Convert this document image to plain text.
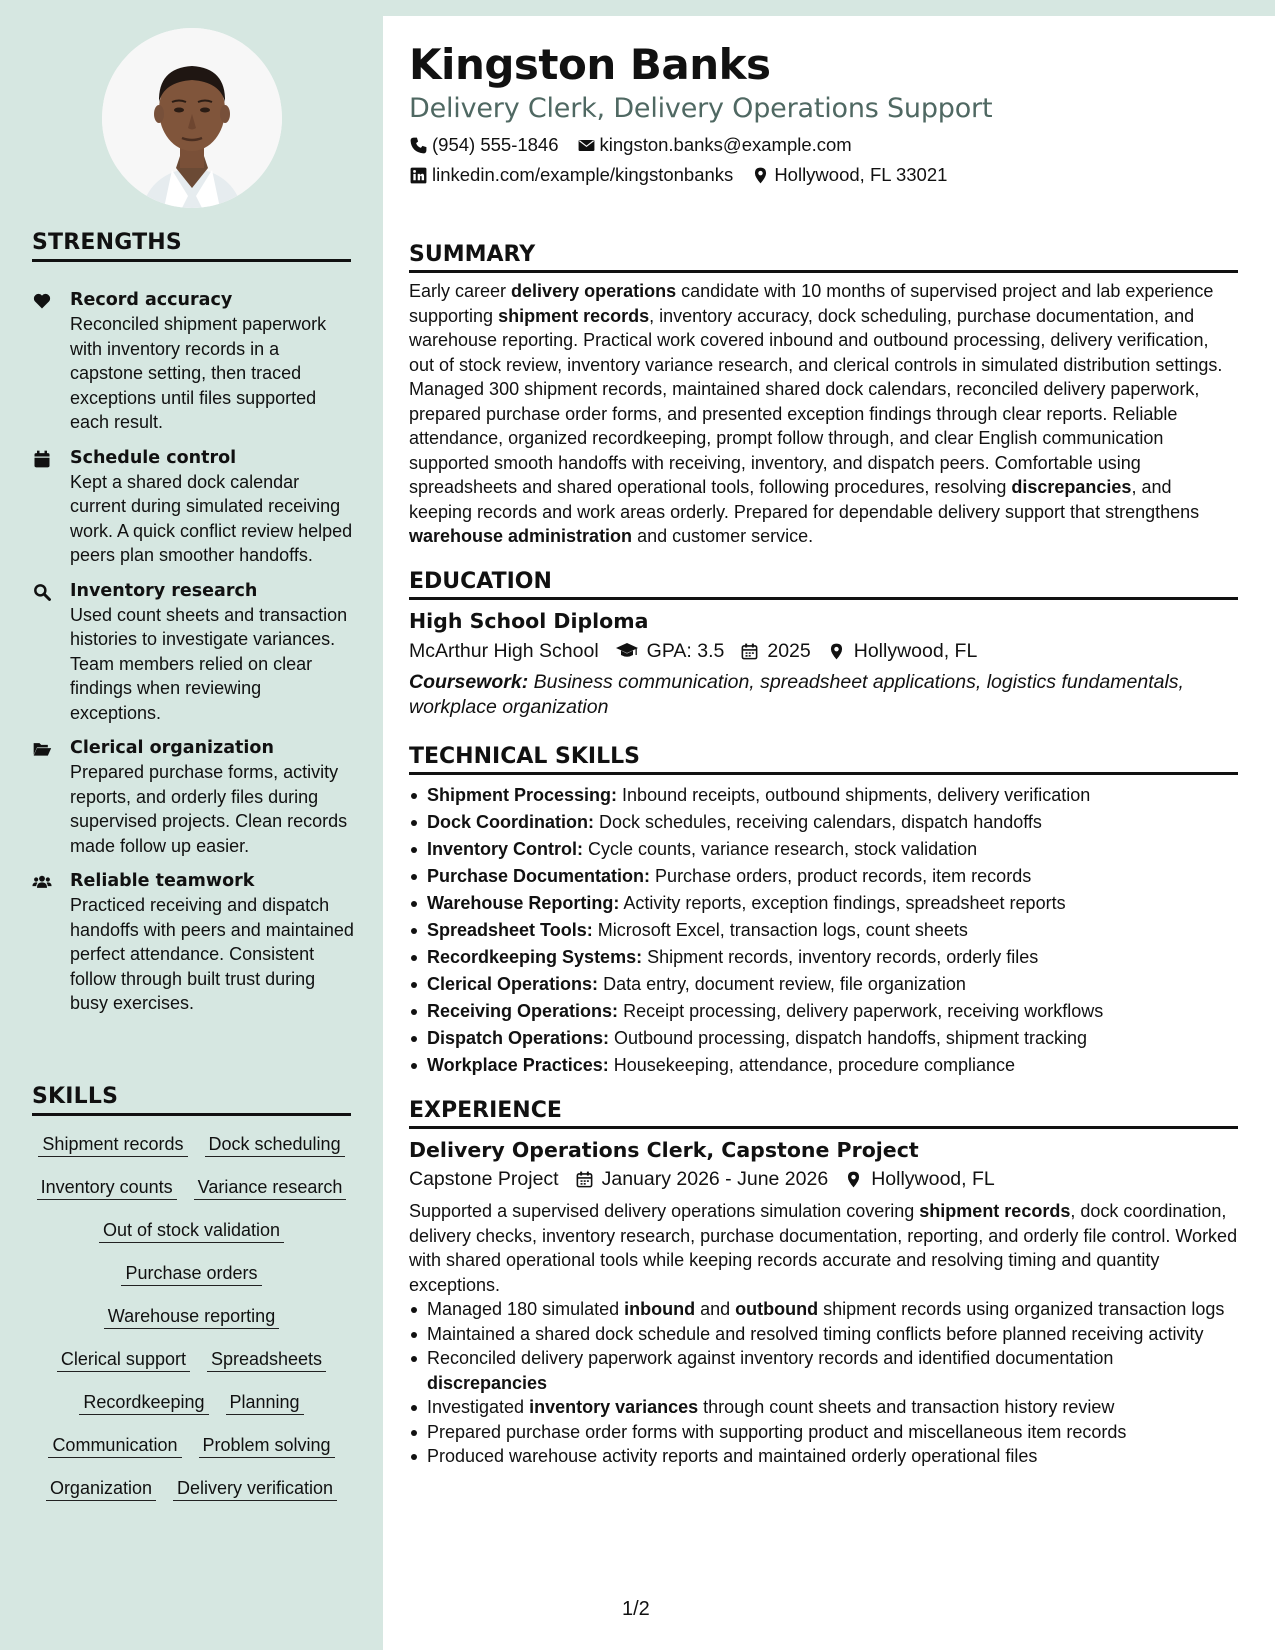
STRENGTHS
Record accuracy
Reconciled shipment paperwork with inventory records in a capstone setting, then traced exceptions until files supported each result.
Schedule control
Kept a shared dock calendar current during simulated receiving work. A quick conflict review helped peers plan smoother handoffs.
Inventory research
Used count sheets and transaction histories to investigate variances. Team members relied on clear findings when reviewing exceptions.
Clerical organization
Prepared purchase forms, activity reports, and orderly files during supervised projects. Clean records made follow up easier.
Reliable teamwork
Practiced receiving and dispatch handoffs with peers and maintained perfect attendance. Consistent follow through built trust during busy exercises.
SKILLS
Shipment records Dock scheduling
Inventory counts Variance research
Out of stock validation
Purchase orders
Warehouse reporting
Clerical support Spreadsheets
Recordkeeping Planning
Communication Problem solving
Organization Delivery verification
Kingston Banks
Delivery Clerk, Delivery Operations Support
(954) 555-1846 kingston.banks@example.com
linkedin.com/example/kingstonbanks Hollywood, FL 33021
SUMMARY

Early career delivery operations candidate with 10 months of supervised project and lab experience supporting shipment records, inventory accuracy, dock scheduling, purchase documentation, and warehouse reporting. Practical work covered inbound and outbound processing, delivery verification, out of stock review, inventory variance research, and clerical controls in simulated distribution settings. Managed 300 shipment records, maintained shared dock calendars, reconciled delivery paperwork, prepared purchase order forms, and presented exception findings through clear reports. Reliable attendance, organized recordkeeping, prompt follow through, and clear English communication supported smooth handoffs with receiving, inventory, and dispatch peers. Comfortable using spreadsheets and shared operational tools, following procedures, resolving discrepancies, and keeping records and work areas orderly. Prepared for dependable delivery support that strengthens warehouse administration and customer service.

EDUCATION
High School Diploma
McArthur High School GPA: 3.5 2025 Hollywood, FL

Coursework: Business communication, spreadsheet applications, logistics fundamentals, workplace organization

TECHNICAL SKILLS
Shipment Processing: Inbound receipts, outbound shipments, delivery verification
Dock Coordination: Dock schedules, receiving calendars, dispatch handoffs
Inventory Control: Cycle counts, variance research, stock validation
Purchase Documentation: Purchase orders, product records, item records
Warehouse Reporting: Activity reports, exception findings, spreadsheet reports
Spreadsheet Tools: Microsoft Excel, transaction logs, count sheets
Recordkeeping Systems: Shipment records, inventory records, orderly files
Clerical Operations: Data entry, document review, file organization
Receiving Operations: Receipt processing, delivery paperwork, receiving workflows
Dispatch Operations: Outbound processing, dispatch handoffs, shipment tracking
Workplace Practices: Housekeeping, attendance, procedure compliance
EXPERIENCE
Delivery Operations Clerk, Capstone Project
Capstone Project January 2026 - June 2026 Hollywood, FL

Supported a supervised delivery operations simulation covering shipment records, dock coordination, delivery checks, inventory research, purchase documentation, reporting, and orderly file control. Worked with shared operational tools while keeping records accurate and resolving timing and quantity exceptions.

Managed 180 simulated inbound and outbound shipment records using organized transaction logs
Maintained a shared dock schedule and resolved timing conflicts before planned receiving activity
Reconciled delivery paperwork against inventory records and identified documentation discrepancies
Investigated inventory variances through count sheets and transaction history review
Prepared purchase order forms with supporting product and miscellaneous item records
Produced warehouse activity reports and maintained orderly operational files
1/2
